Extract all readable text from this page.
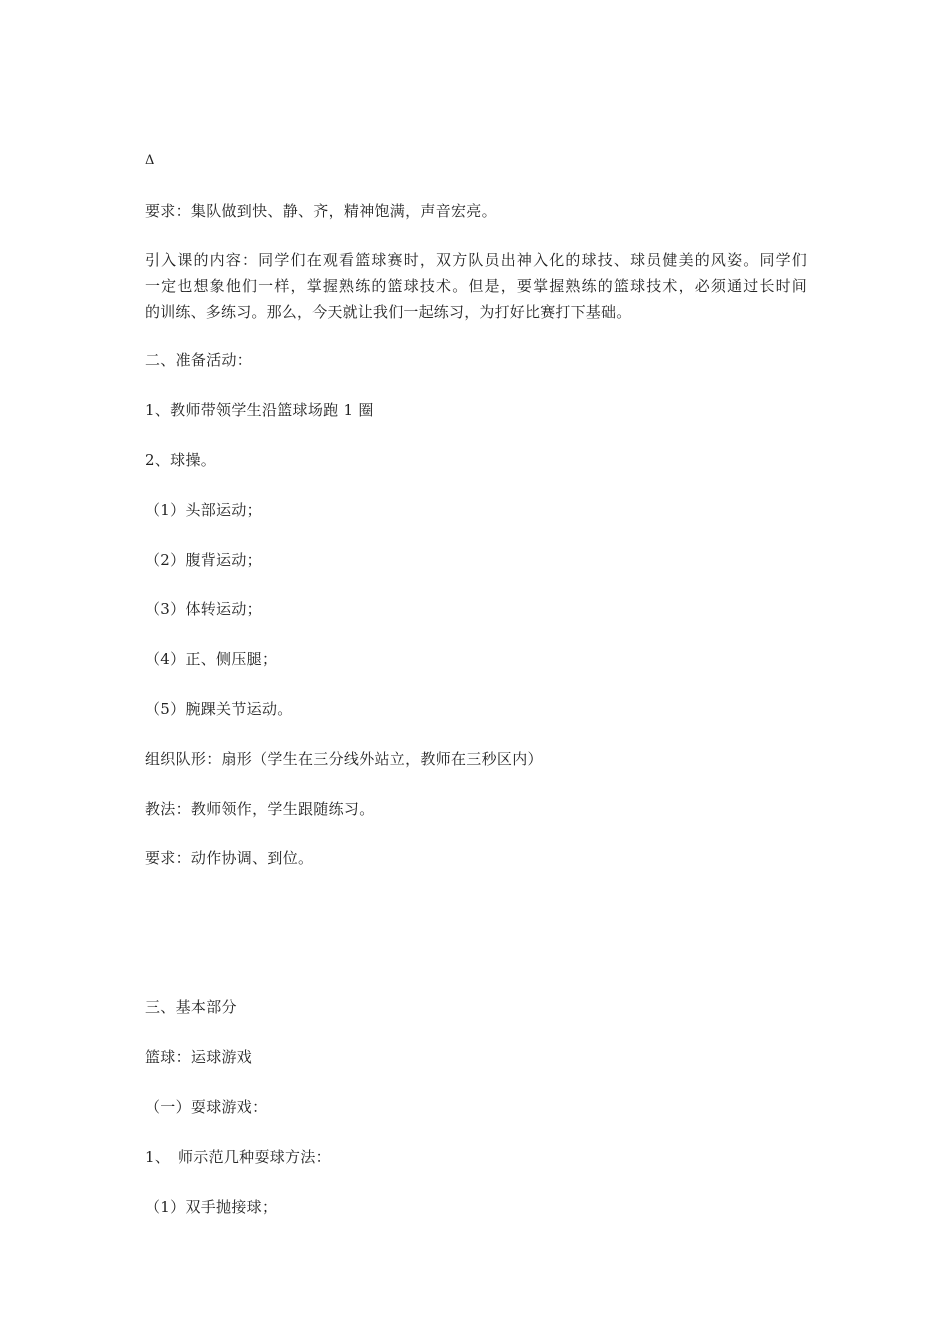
Δ
要求：集队做到快、静、齐，精神饱满，声音宏亮。
引入课的内容：同学们在观看篮球赛时，双方队员出神入化的球技、球员健美的风姿。同学们
一定也想象他们一样，掌握熟练的篮球技术。但是，要掌握熟练的篮球技术，必须通过长时间
的训练、多练习。那么，今天就让我们一起练习，为打好比赛打下基础。
二、准备活动：
1、教师带领学生沿篮球场跑 1 圈
2、球操。
（1）头部运动；
（2）腹背运动；
（3）体转运动；
（4）正、侧压腿；
（5）腕踝关节运动。
组织队形：扇形（学生在三分线外站立，教师在三秒区内）
教法：教师领作，学生跟随练习。
要求：动作协调、到位。
三、基本部分
篮球：运球游戏
（一）耍球游戏：
1、　师示范几种耍球方法：
（1）双手抛接球；
